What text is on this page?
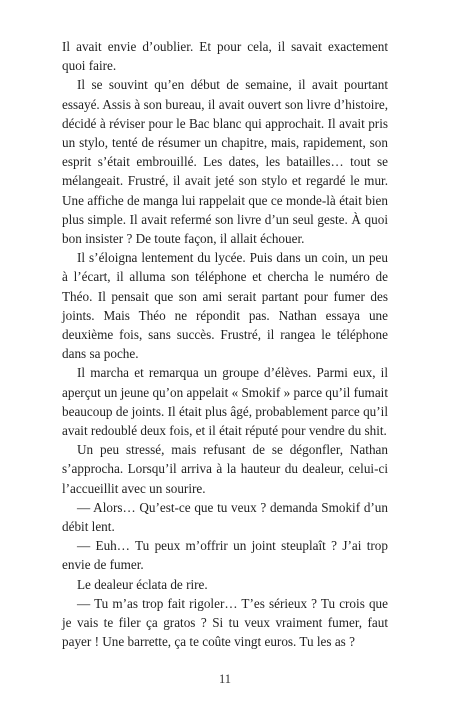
Il avait envie d’oublier. Et pour cela, il savait exactement quoi faire.

Il se souvint qu’en début de semaine, il avait pourtant essayé. Assis à son bureau, il avait ouvert son livre d’histoire, décidé à réviser pour le Bac blanc qui approchait. Il avait pris un stylo, tenté de résumer un chapitre, mais, rapidement, son esprit s’était embrouillé. Les dates, les batailles… tout se mélangeait. Frustré, il avait jeté son stylo et regardé le mur. Une affiche de manga lui rappelait que ce monde-là était bien plus simple. Il avait refermé son livre d’un seul geste. À quoi bon insister ? De toute façon, il allait échouer.

Il s’éloigna lentement du lycée. Puis dans un coin, un peu à l’écart, il alluma son téléphone et chercha le numéro de Théo. Il pensait que son ami serait partant pour fumer des joints. Mais Théo ne répondit pas. Nathan essaya une deuxième fois, sans succès. Frustré, il rangea le téléphone dans sa poche.

Il marcha et remarqua un groupe d’élèves. Parmi eux, il aperçut un jeune qu’on appelait « Smokif » parce qu’il fumait beaucoup de joints. Il était plus âgé, probablement parce qu’il avait redoublé deux fois, et il était réputé pour vendre du shit.

Un peu stressé, mais refusant de se dégonfler, Nathan s’approcha. Lorsqu’il arriva à la hauteur du dealeur, celui-ci l’accueillit avec un sourire.

— Alors… Qu’est-ce que tu veux ? demanda Smokif d’un débit lent.

— Euh… Tu peux m’offrir un joint steuplaît ? J’ai trop envie de fumer.

Le dealeur éclata de rire.

— Tu m’as trop fait rigoler… T’es sérieux ? Tu crois que je vais te filer ça gratos ? Si tu veux vraiment fumer, faut payer ! Une barrette, ça te coûte vingt euros. Tu les as ?

11
